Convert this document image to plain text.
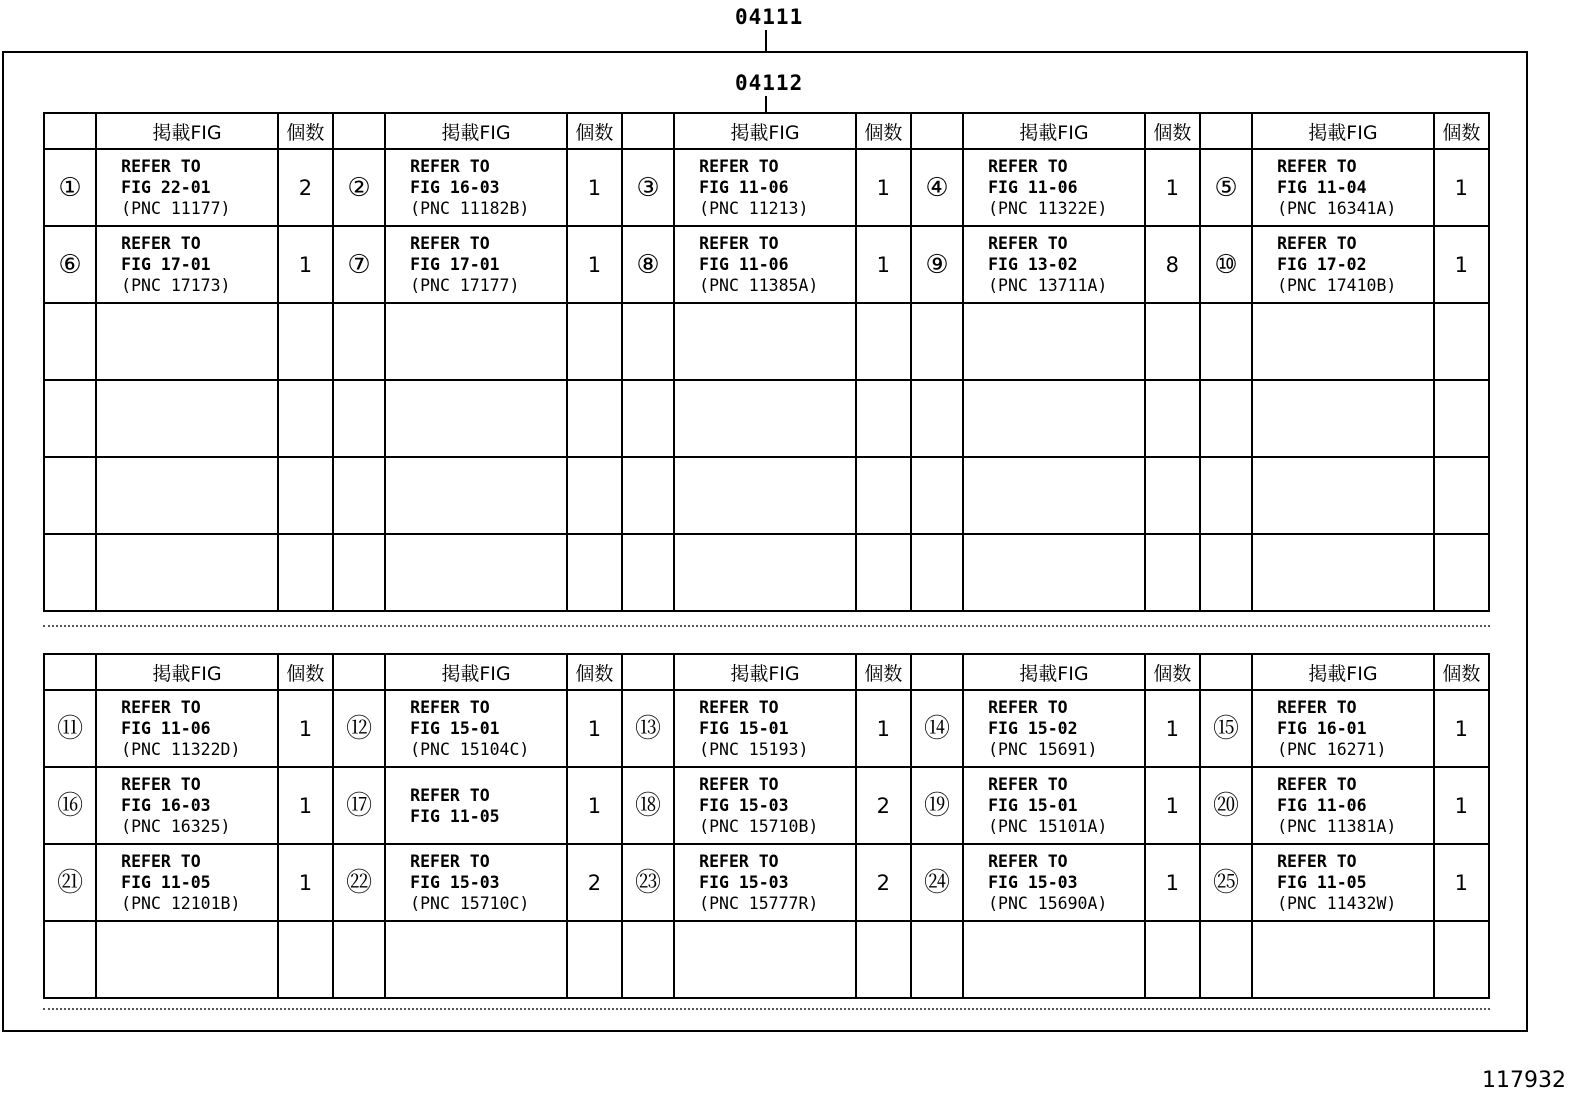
04111
04112
	掲載FIG	個数		掲載FIG	個数		掲載FIG	個数		掲載FIG	個数		掲載FIG	個数
①	REFER TO
FIG 22-01
(PNC 11177)	2	②	REFER TO
FIG 16-03
(PNC 11182B)	1	③	REFER TO
FIG 11-06
(PNC 11213)	1	④	REFER TO
FIG 11-06
(PNC 11322E)	1	⑤	REFER TO
FIG 11-04
(PNC 16341A)	1
⑥	REFER TO
FIG 17-01
(PNC 17173)	1	⑦	REFER TO
FIG 17-01
(PNC 17177)	1	⑧	REFER TO
FIG 11-06
(PNC 11385A)	1	⑨	REFER TO
FIG 13-02
(PNC 13711A)	8	⑩	REFER TO
FIG 17-02
(PNC 17410B)	1

	掲載FIG	個数		掲載FIG	個数		掲載FIG	個数		掲載FIG	個数		掲載FIG	個数
⑪	REFER TO
FIG 11-06
(PNC 11322D)	1	⑫	REFER TO
FIG 15-01
(PNC 15104C)	1	⑬	REFER TO
FIG 15-01
(PNC 15193)	1	⑭	REFER TO
FIG 15-02
(PNC 15691)	1	⑮	REFER TO
FIG 16-01
(PNC 16271)	1
⑯	REFER TO
FIG 16-03
(PNC 16325)	1	⑰	REFER TO
FIG 11-05	1	⑱	REFER TO
FIG 15-03
(PNC 15710B)	2	⑲	REFER TO
FIG 15-01
(PNC 15101A)	1	⑳	REFER TO
FIG 11-06
(PNC 11381A)	1
㉑	REFER TO
FIG 11-05
(PNC 12101B)	1	㉒	REFER TO
FIG 15-03
(PNC 15710C)	2	㉓	REFER TO
FIG 15-03
(PNC 15777R)	2	㉔	REFER TO
FIG 15-03
(PNC 15690A)	1	㉕	REFER TO
FIG 11-05
(PNC 11432W)	1

117932
